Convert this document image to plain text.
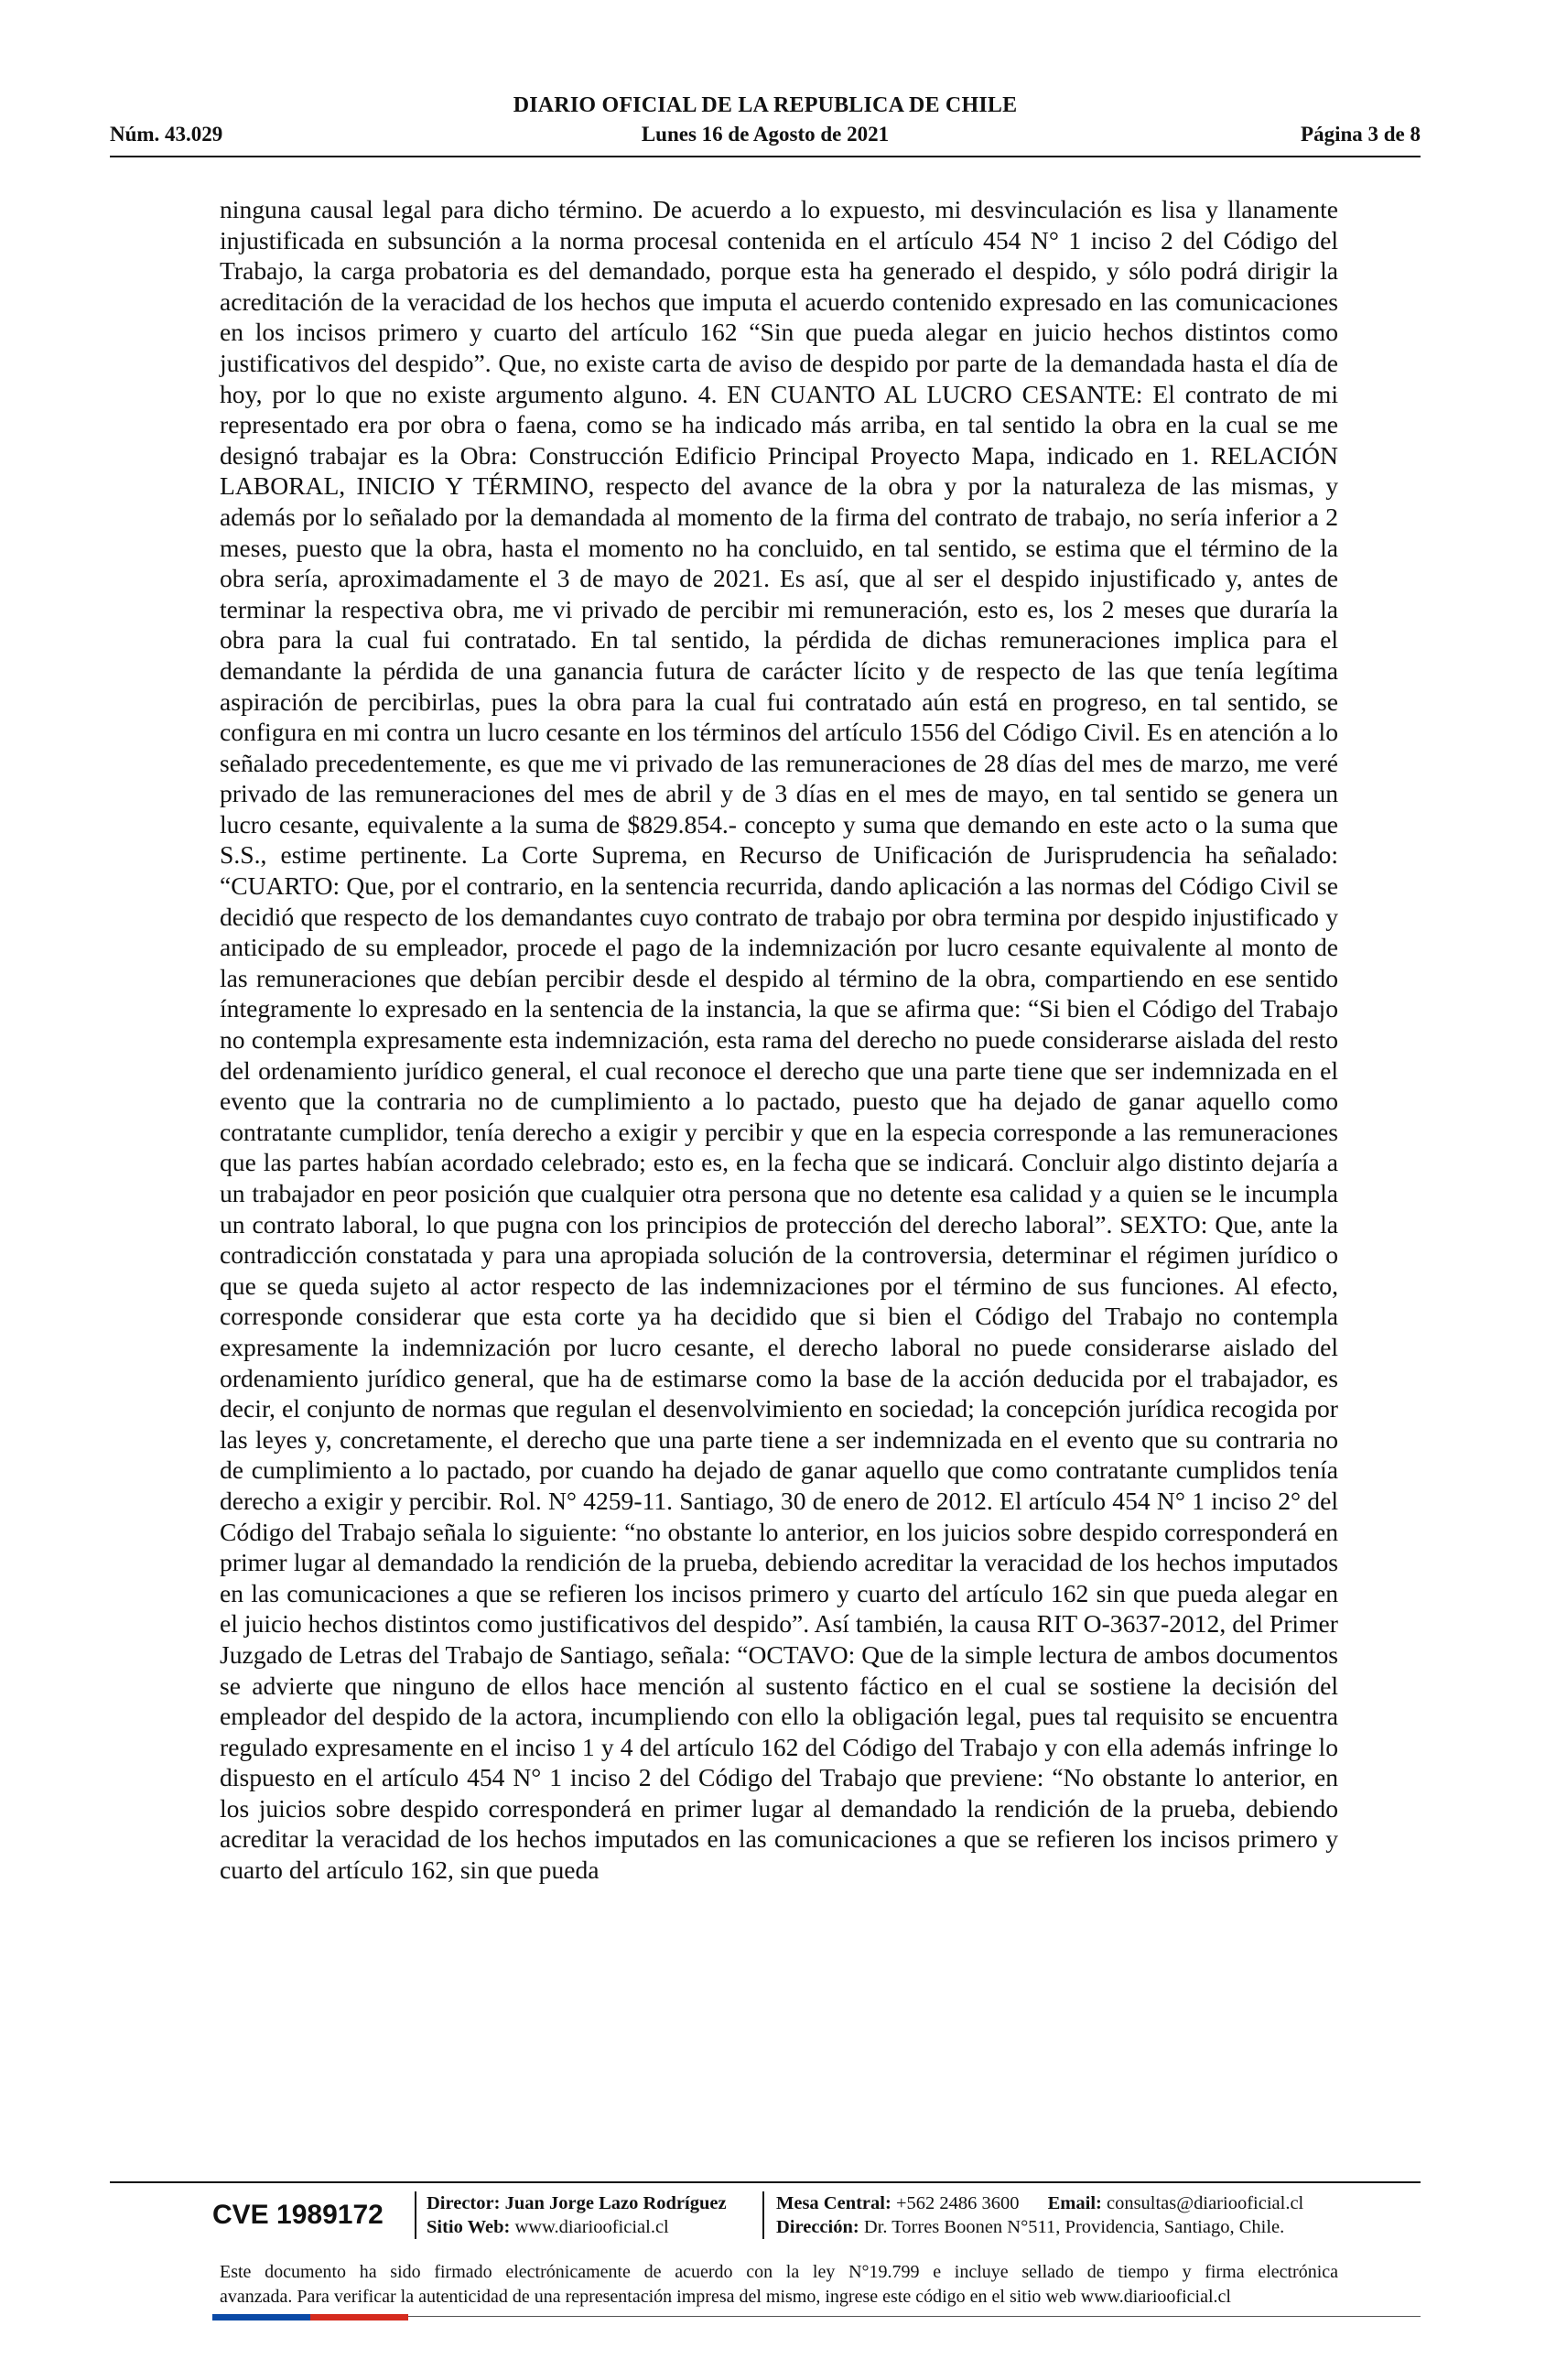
DIARIO OFICIAL DE LA REPUBLICA DE CHILE
Núm. 43.029	Lunes 16 de Agosto de 2021	Página 3 de 8
ninguna causal legal para dicho término. De acuerdo a lo expuesto, mi desvinculación es lisa y llanamente injustificada en subsunción a la norma procesal contenida en el artículo 454 N° 1 inciso 2 del Código del Trabajo, la carga probatoria es del demandado, porque esta ha generado el despido, y sólo podrá dirigir la acreditación de la veracidad de los hechos que imputa el acuerdo contenido expresado en las comunicaciones en los incisos primero y cuarto del artículo 162 “Sin que pueda alegar en juicio hechos distintos como justificativos del despido”. Que, no existe carta de aviso de despido por parte de la demandada hasta el día de hoy, por lo que no existe argumento alguno. 4. EN CUANTO AL LUCRO CESANTE: El contrato de mi representado era por obra o faena, como se ha indicado más arriba, en tal sentido la obra en la cual se me designó trabajar es la Obra: Construcción Edificio Principal Proyecto Mapa, indicado en 1. RELACIÓN LABORAL, INICIO Y TÉRMINO, respecto del avance de la obra y por la naturaleza de las mismas, y además por lo señalado por la demandada al momento de la firma del contrato de trabajo, no sería inferior a 2 meses, puesto que la obra, hasta el momento no ha concluido, en tal sentido, se estima que el término de la obra sería, aproximadamente el 3 de mayo de 2021. Es así, que al ser el despido injustificado y, antes de terminar la respectiva obra, me vi privado de percibir mi remuneración, esto es, los 2 meses que duraría la obra para la cual fui contratado. En tal sentido, la pérdida de dichas remuneraciones implica para el demandante la pérdida de una ganancia futura de carácter lícito y de respecto de las que tenía legítima aspiración de percibirlas, pues la obra para la cual fui contratado aún está en progreso, en tal sentido, se configura en mi contra un lucro cesante en los términos del artículo 1556 del Código Civil. Es en atención a lo señalado precedentemente, es que me vi privado de las remuneraciones de 28 días del mes de marzo, me veré privado de las remuneraciones del mes de abril y de 3 días en el mes de mayo, en tal sentido se genera un lucro cesante, equivalente a la suma de $829.854.- concepto y suma que demando en este acto o la suma que S.S., estime pertinente. La Corte Suprema, en Recurso de Unificación de Jurisprudencia ha señalado: “CUARTO: Que, por el contrario, en la sentencia recurrida, dando aplicación a las normas del Código Civil se decidió que respecto de los demandantes cuyo contrato de trabajo por obra termina por despido injustificado y anticipado de su empleador, procede el pago de la indemnización por lucro cesante equivalente al monto de las remuneraciones que debían percibir desde el despido al término de la obra, compartiendo en ese sentido íntegramente lo expresado en la sentencia de la instancia, la que se afirma que: “Si bien el Código del Trabajo no contempla expresamente esta indemnización, esta rama del derecho no puede considerarse aislada del resto del ordenamiento jurídico general, el cual reconoce el derecho que una parte tiene que ser indemnizada en el evento que la contraria no de cumplimiento a lo pactado, puesto que ha dejado de ganar aquello como contratante cumplidor, tenía derecho a exigir y percibir y que en la especia corresponde a las remuneraciones que las partes habían acordado celebrado; esto es, en la fecha que se indicará. Concluir algo distinto dejaría a un trabajador en peor posición que cualquier otra persona que no detente esa calidad y a quien se le incumpla un contrato laboral, lo que pugna con los principios de protección del derecho laboral”. SEXTO: Que, ante la contradicción constatada y para una apropiada solución de la controversia, determinar el régimen jurídico o que se queda sujeto al actor respecto de las indemnizaciones por el término de sus funciones. Al efecto, corresponde considerar que esta corte ya ha decidido que si bien el Código del Trabajo no contempla expresamente la indemnización por lucro cesante, el derecho laboral no puede considerarse aislado del ordenamiento jurídico general, que ha de estimarse como la base de la acción deducida por el trabajador, es decir, el conjunto de normas que regulan el desenvolvimiento en sociedad; la concepción jurídica recogida por las leyes y, concretamente, el derecho que una parte tiene a ser indemnizada en el evento que su contraria no de cumplimiento a lo pactado, por cuando ha dejado de ganar aquello que como contratante cumplidos tenía derecho a exigir y percibir. Rol. N° 4259-11. Santiago, 30 de enero de 2012. El artículo 454 N° 1 inciso 2° del Código del Trabajo señala lo siguiente: “no obstante lo anterior, en los juicios sobre despido corresponderá en primer lugar al demandado la rendición de la prueba, debiendo acreditar la veracidad de los hechos imputados en las comunicaciones a que se refieren los incisos primero y cuarto del artículo 162 sin que pueda alegar en el juicio hechos distintos como justificativos del despido”. Así también, la causa RIT O-3637-2012, del Primer Juzgado de Letras del Trabajo de Santiago, señala: “OCTAVO: Que de la simple lectura de ambos documentos se advierte que ninguno de ellos hace mención al sustento fáctico en el cual se sostiene la decisión del empleador del despido de la actora, incumpliendo con ello la obligación legal, pues tal requisito se encuentra regulado expresamente en el inciso 1 y 4 del artículo 162 del Código del Trabajo y con ella además infringe lo dispuesto en el artículo 454 N° 1 inciso 2 del Código del Trabajo que previene: “No obstante lo anterior, en los juicios sobre despido corresponderá en primer lugar al demandado la rendición de la prueba, debiendo acreditar la veracidad de los hechos imputados en las comunicaciones a que se refieren los incisos primero y cuarto del artículo 162, sin que pueda
CVE 1989172 Director: Juan Jorge Lazo Rodríguez
Sitio Web: www.diariooficial.cl
Mesa Central: +562 2486 3600 Email: consultas@diariooficial.cl
Dirección: Dr. Torres Boonen N°511, Providencia, Santiago, Chile.
Este documento ha sido firmado electrónicamente de acuerdo con la ley N°19.799 e incluye sellado de tiempo y firma electrónica
avanzada. Para verificar la autenticidad de una representación impresa del mismo, ingrese este código en el sitio web www.diariooficial.cl
